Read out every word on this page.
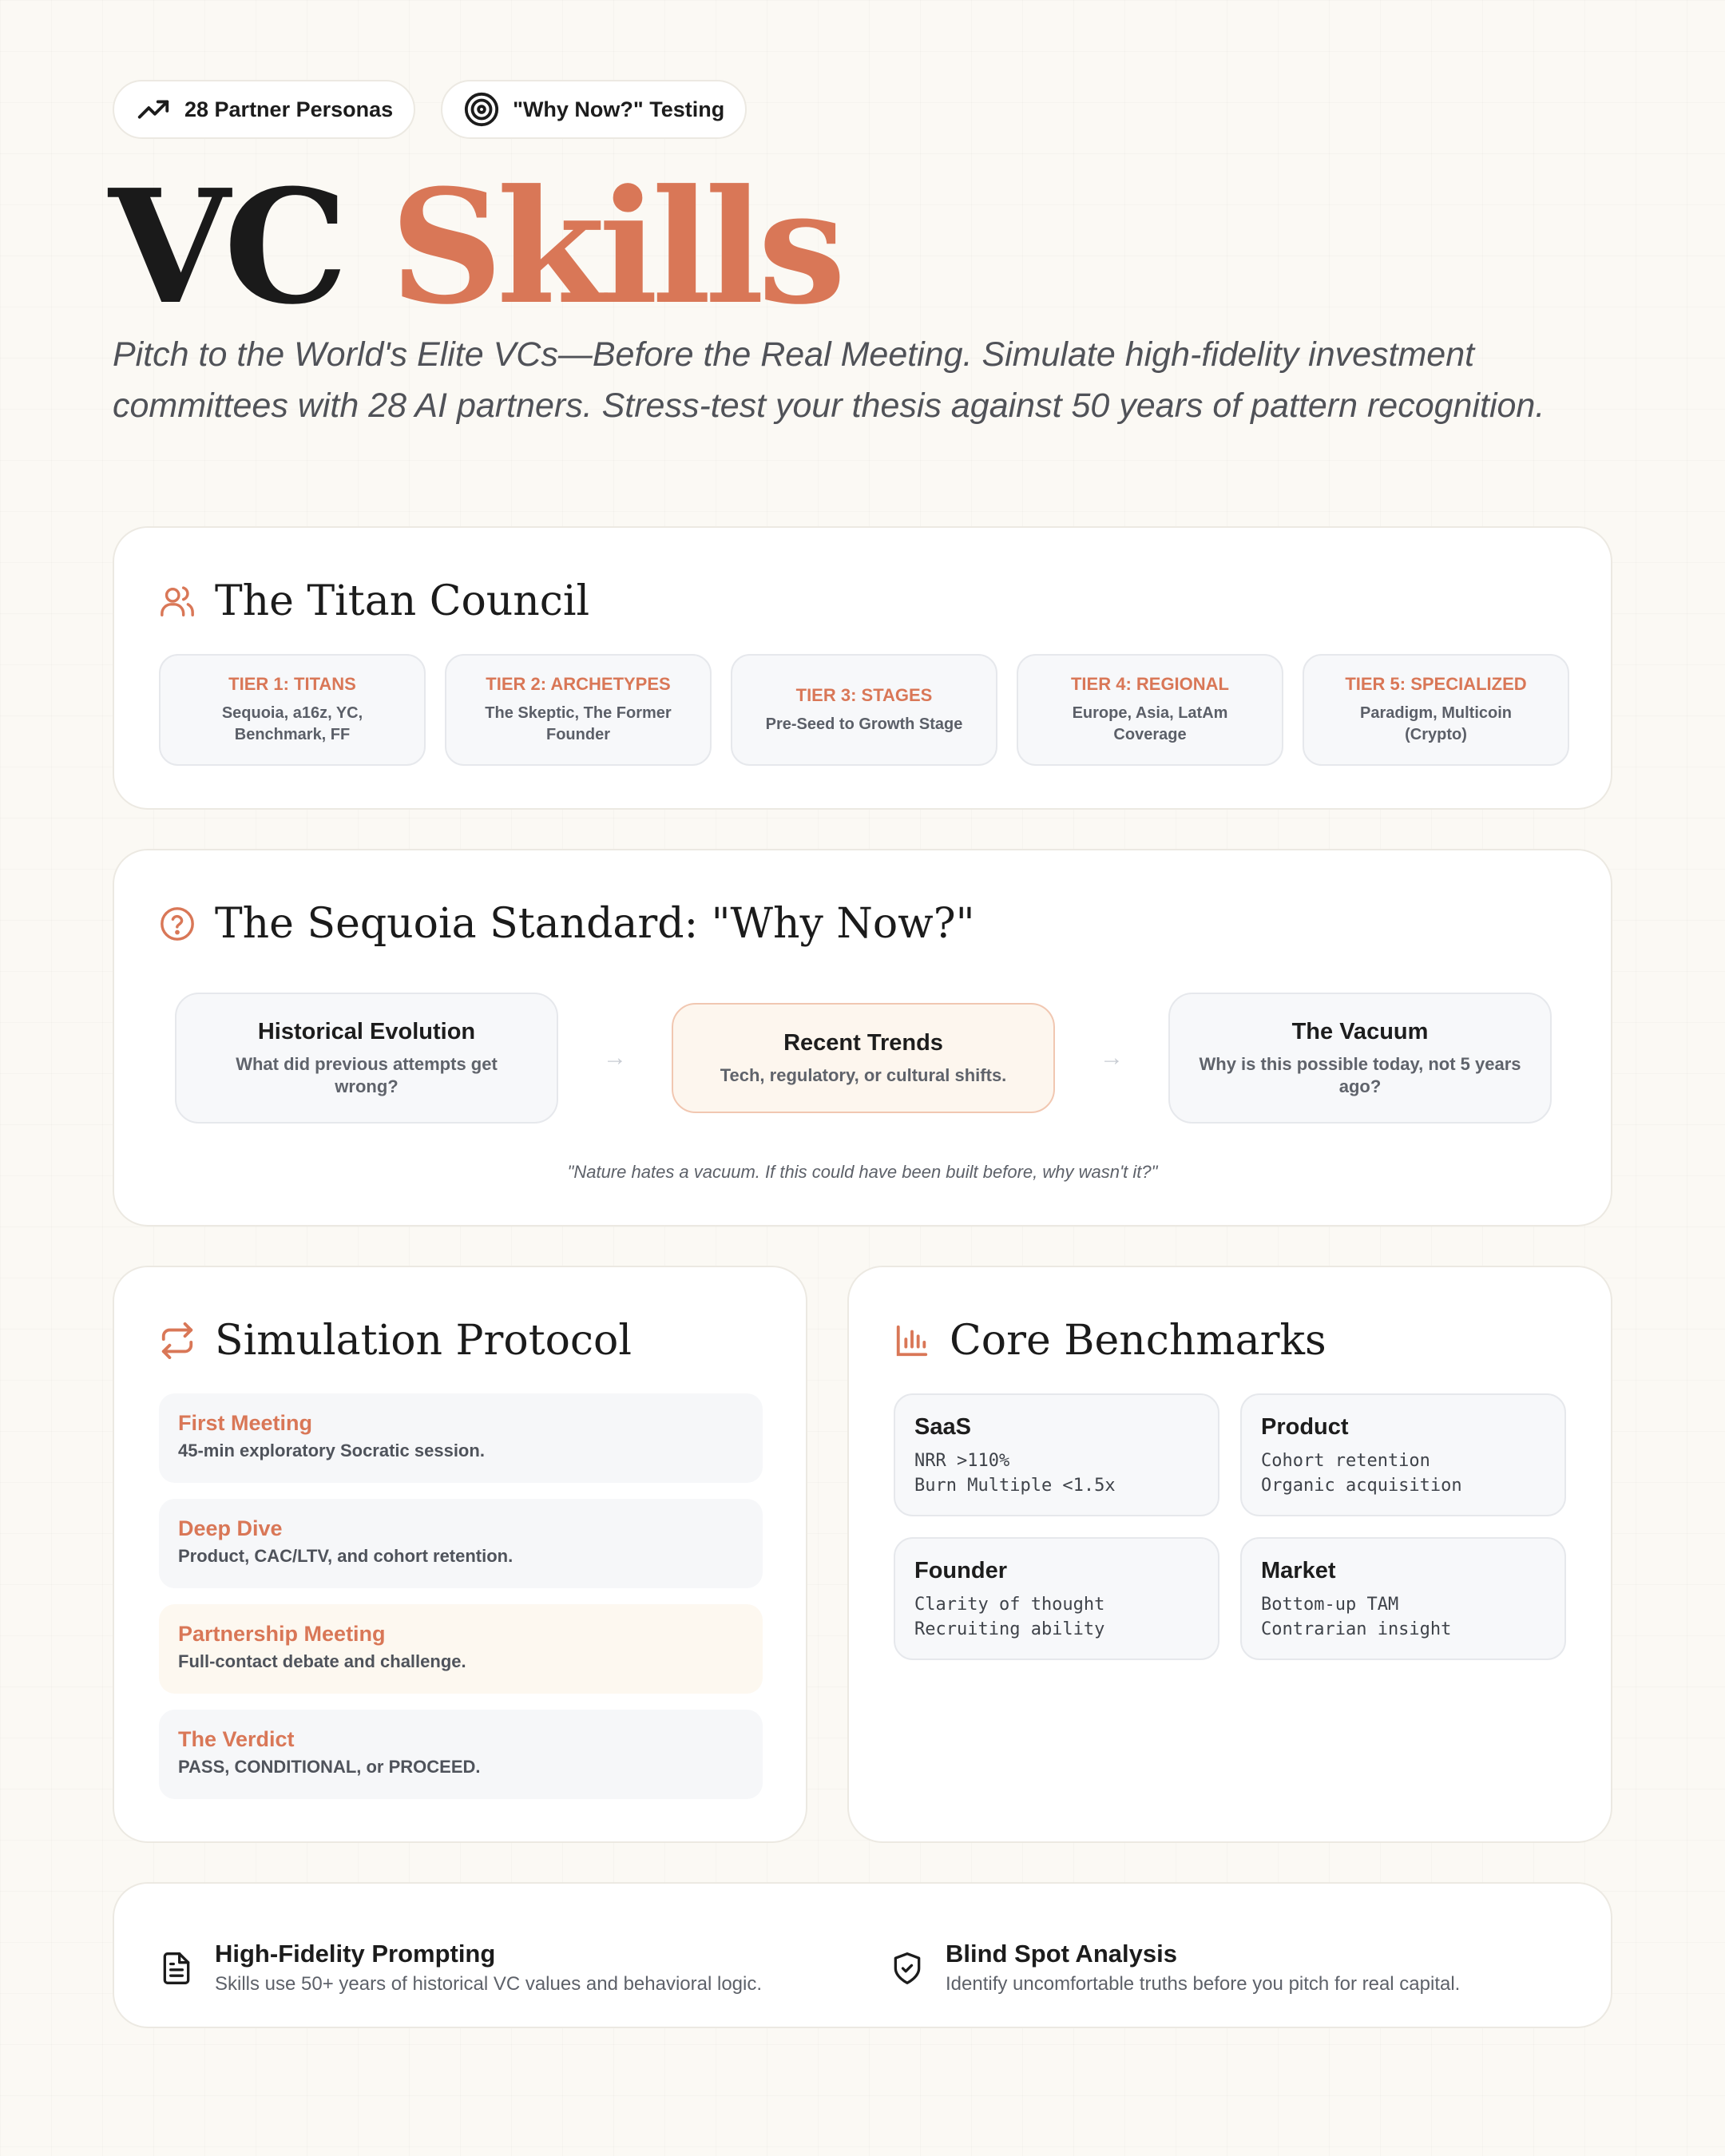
28 Partner Personas	"Why Now?" Testing
VC Skills

Pitch to the World's Elite VCs—Before the Real Meeting. Simulate high-fidelity investment committees with 28 AI partners. Stress-test your thesis against 50 years of pattern recognition.

The Titan Council
TIER 1: TITANS
Sequoia, a16z, YC, Benchmark, FF
TIER 2: ARCHETYPES
The Skeptic, The Former Founder
TIER 3: STAGES
Pre-Seed to Growth Stage
TIER 4: REGIONAL
Europe, Asia, LatAm Coverage
TIER 5: SPECIALIZED
Paradigm, Multicoin (Crypto)
The Sequoia Standard: "Why Now?"
Historical Evolution
What did previous attempts get wrong?
→
Recent Trends
Tech, regulatory, or cultural shifts.
→
The Vacuum
Why is this possible today, not 5 years ago?
"Nature hates a vacuum. If this could have been built before, why wasn't it?"
Simulation Protocol
First Meeting
45-min exploratory Socratic session.
Deep Dive
Product, CAC/LTV, and cohort retention.
Partnership Meeting
Full-contact debate and challenge.
The Verdict
PASS, CONDITIONAL, or PROCEED.
Core Benchmarks
SaaS
NRR >110%
Burn Multiple <1.5x
Product
Cohort retention
Organic acquisition
Founder
Clarity of thought
Recruiting ability
Market
Bottom-up TAM
Contrarian insight
High-Fidelity Prompting
Skills use 50+ years of historical VC values and behavioral logic.
Blind Spot Analysis
Identify uncomfortable truths before you pitch for real capital.
